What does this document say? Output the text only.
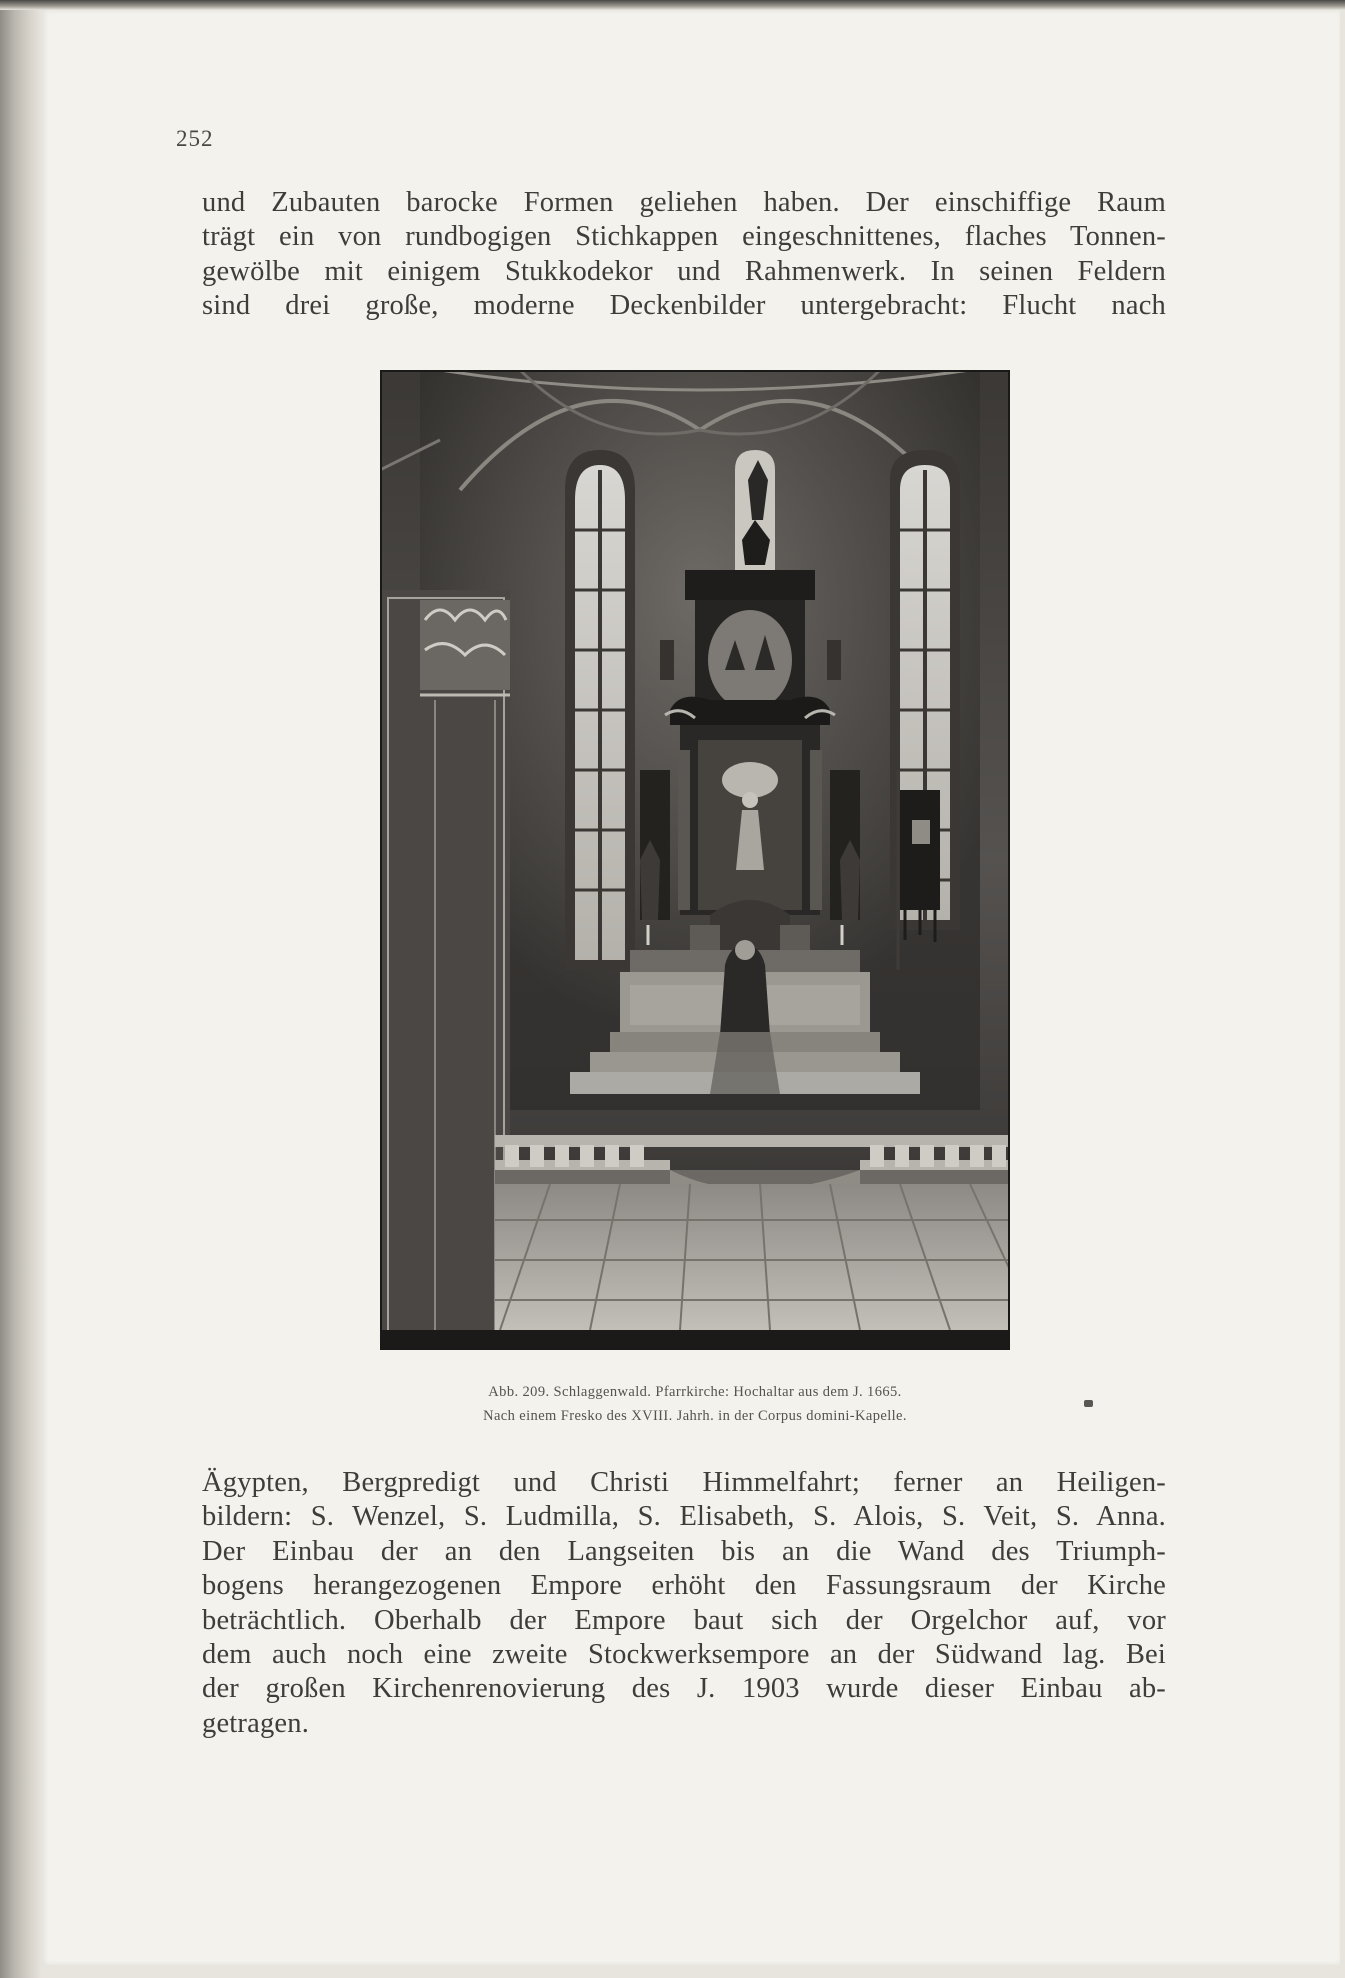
252
und Zubauten barocke Formen geliehen haben. Der einschiffige Raum
trägt ein von rundbogigen Stichkappen eingeschnittenes, flaches Tonnen-
gewölbe mit einigem Stukkodekor und Rahmenwerk. In seinen Feldern
sind drei große, moderne Deckenbilder untergebracht: Flucht nach
Abb. 209. Schlaggenwald. Pfarrkirche: Hochaltar aus dem J. 1665.
Nach einem Fresko des XVIII. Jahrh. in der Corpus domini-Kapelle.
Ägypten, Bergpredigt und Christi Himmelfahrt; ferner an Heiligen-
bildern: S. Wenzel, S. Ludmilla, S. Elisabeth, S. Alois, S. Veit, S. Anna.
Der Einbau der an den Langseiten bis an die Wand des Triumph-
bogens herangezogenen Empore erhöht den Fassungsraum der Kirche
beträchtlich. Oberhalb der Empore baut sich der Orgelchor auf, vor
dem auch noch eine zweite Stockwerksempore an der Südwand lag. Bei
der großen Kirchenrenovierung des J. 1903 wurde dieser Einbau ab-
getragen.
